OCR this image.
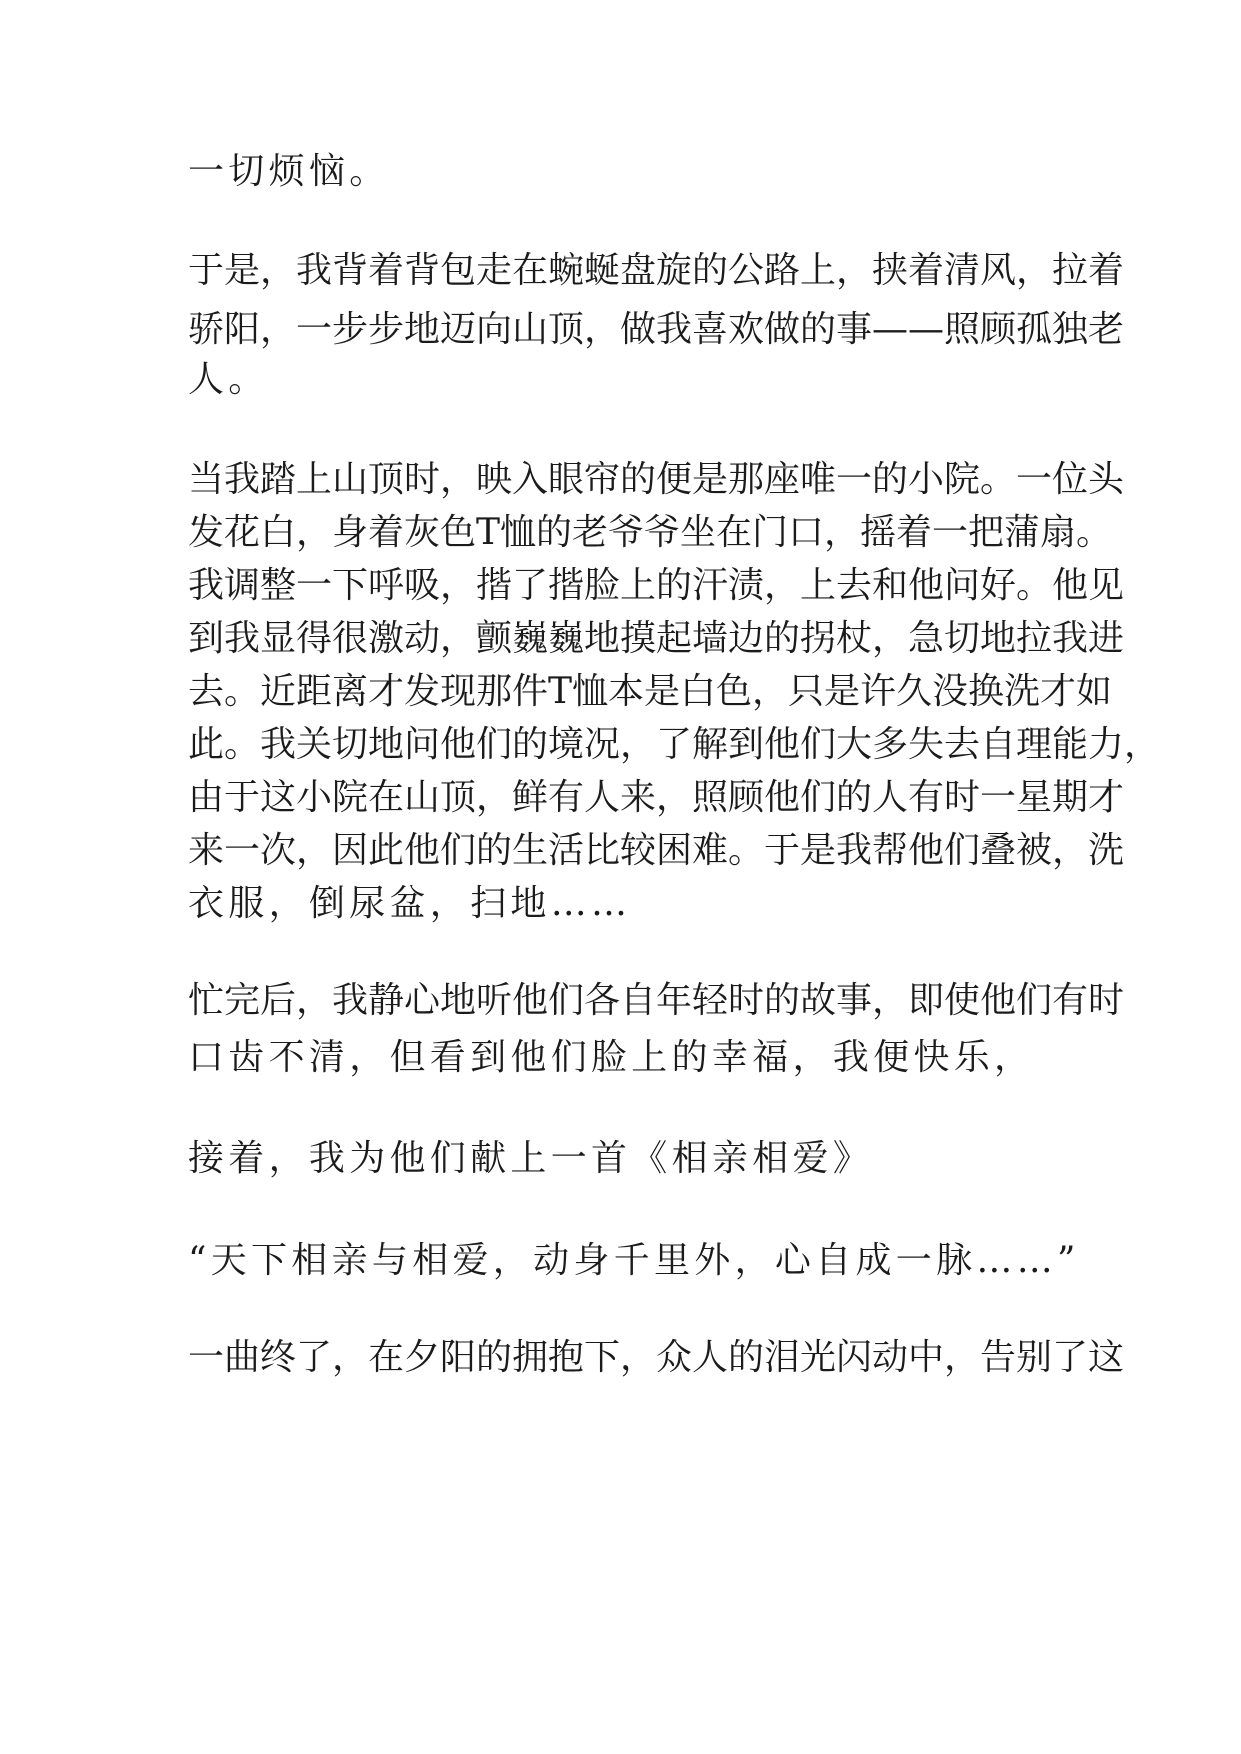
一切烦恼。
于是，我背着背包走在蜿蜒盘旋的公路上，挟着清风，拉着
骄阳，一步步地迈向山顶，做我喜欢做的事——照顾孤独老
人。
当我踏上山顶时，映入眼帘的便是那座唯一的小院。一位头
发花白，身着灰色T恤的老爷爷坐在门口，摇着一把蒲扇。
我调整一下呼吸，揩了揩脸上的汗渍，上去和他问好。他见
到我显得很激动，颤巍巍地摸起墙边的拐杖，急切地拉我进
去。近距离才发现那件T恤本是白色，只是许久没换洗才如
此。我关切地问他们的境况，了解到他们大多失去自理能力，
由于这小院在山顶，鲜有人来，照顾他们的人有时一星期才
来一次，因此他们的生活比较困难。于是我帮他们叠被，洗
衣服，倒尿盆，扫地……
忙完后，我静心地听他们各自年轻时的故事，即使他们有时
口齿不清，但看到他们脸上的幸福，我便快乐，
接着，我为他们献上一首《相亲相爱》
“天下相亲与相爱，动身千里外，心自成一脉……”
一曲终了，在夕阳的拥抱下，众人的泪光闪动中，告别了这
